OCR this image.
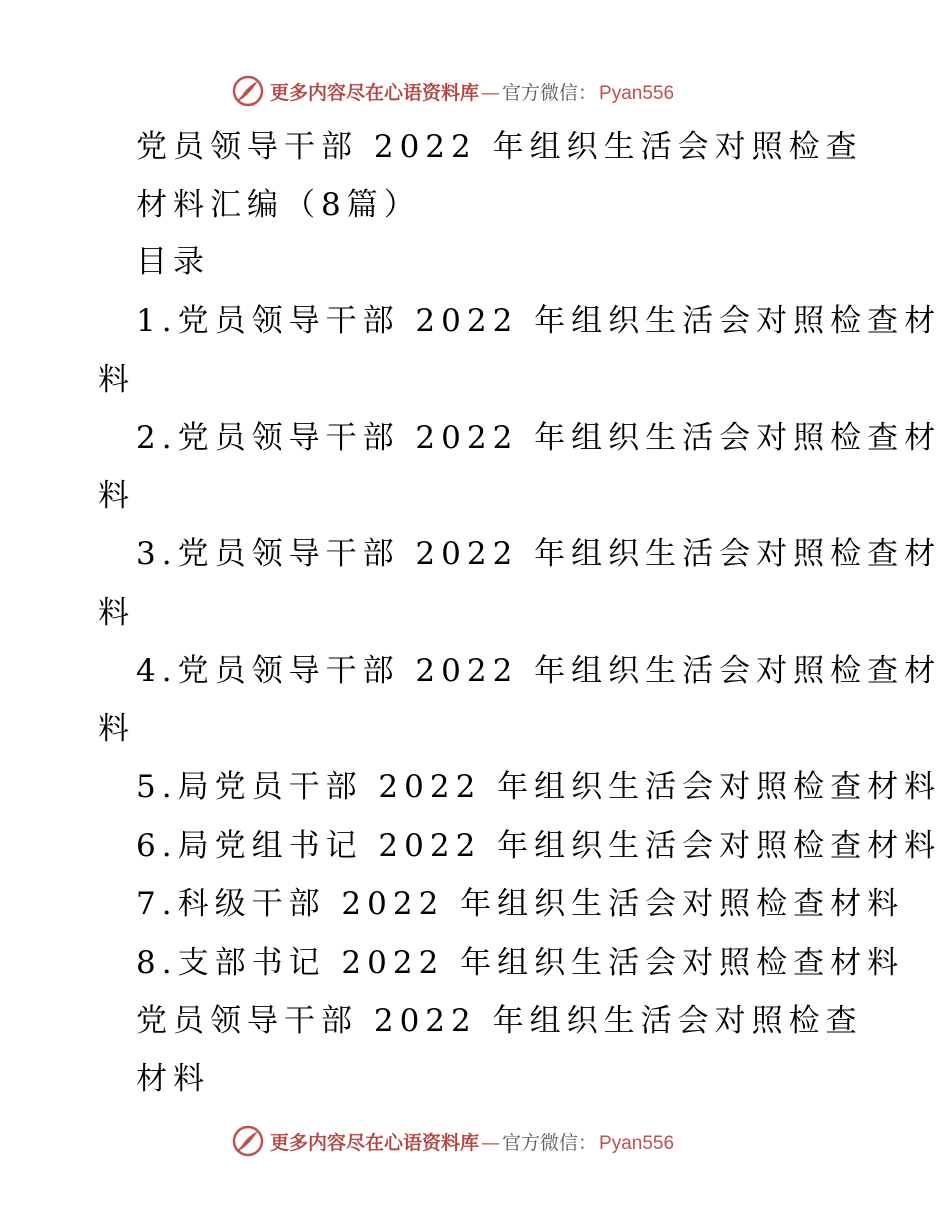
更多内容尽在心语资料库 — 官方微信： Pyan556
党员领导干部 2022 年组织生活会对照检查
材料汇编（8篇）
目录
1.党员领导干部 2022 年组织生活会对照检查材
料
2.党员领导干部 2022 年组织生活会对照检查材
料
3.党员领导干部 2022 年组织生活会对照检查材
料
4.党员领导干部 2022 年组织生活会对照检查材
料
5.局党员干部 2022 年组织生活会对照检查材料
6.局党组书记 2022 年组织生活会对照检查材料
7.科级干部 2022 年组织生活会对照检查材料
8.支部书记 2022 年组织生活会对照检查材料
党员领导干部 2022 年组织生活会对照检查
材料
更多内容尽在心语资料库 — 官方微信： Pyan556
